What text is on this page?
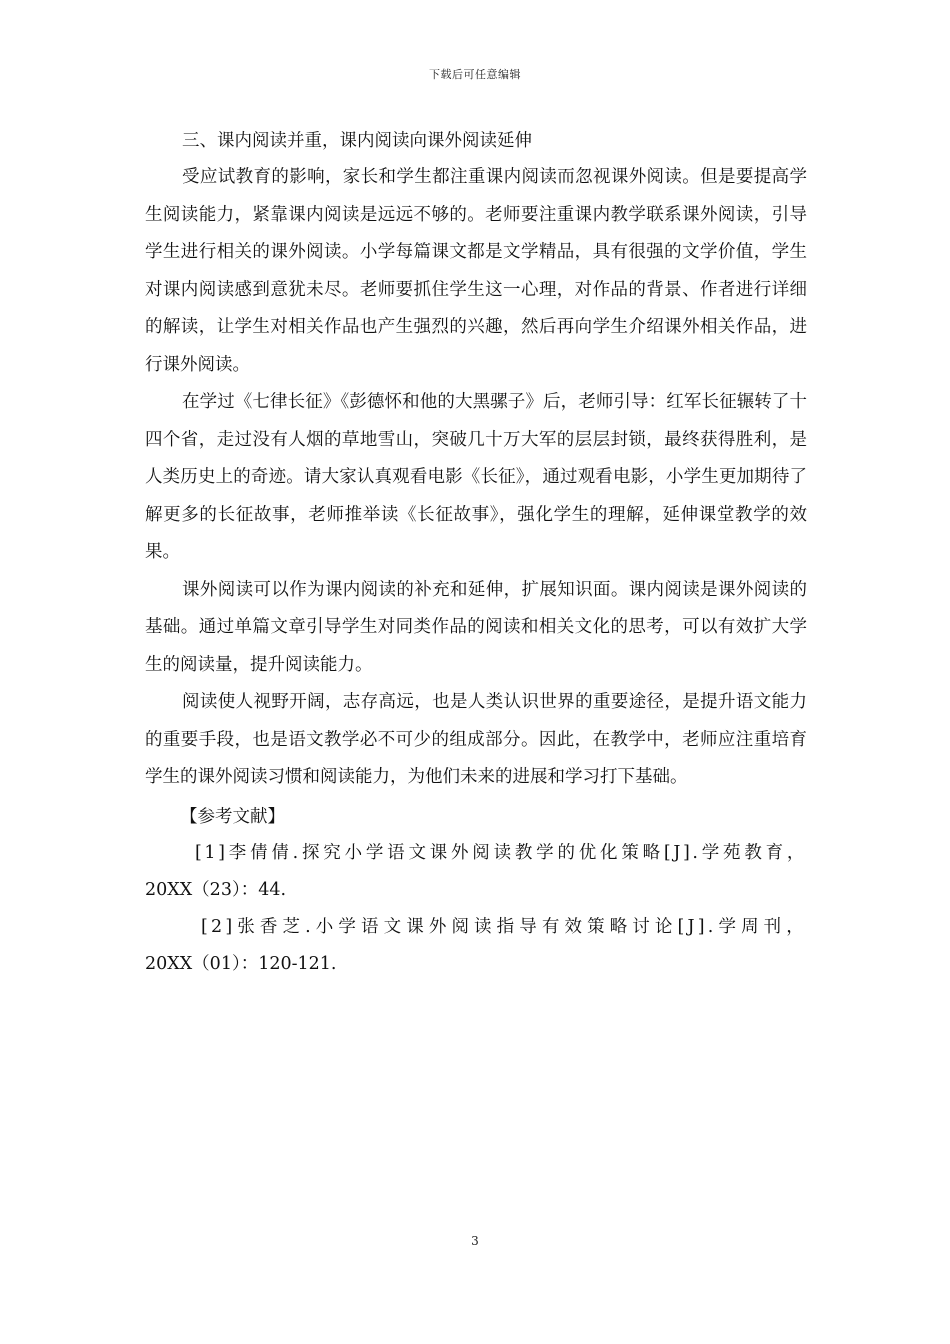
下载后可任意编辑
三、课内阅读并重，课内阅读向课外阅读延伸

受应试教育的影响，家长和学生都注重课内阅读而忽视课外阅读。但是要提高学生阅读能力，紧靠课内阅读是远远不够的。老师要注重课内教学联系课外阅读，引导学生进行相关的课外阅读。小学每篇课文都是文学精品，具有很强的文学价值，学生对课内阅读感到意犹未尽。老师要抓住学生这一心理，对作品的背景、作者进行详细的解读，让学生对相关作品也产生强烈的兴趣，然后再向学生介绍课外相关作品，进行课外阅读。

在学过《七律长征》《彭德怀和他的大黑骡子》后，老师引导：红军长征辗转了十四个省，走过没有人烟的草地雪山，突破几十万大军的层层封锁，最终获得胜利，是人类历史上的奇迹。请大家认真观看电影《长征》，通过观看电影，小学生更加期待了解更多的长征故事，老师推举读《长征故事》，强化学生的理解，延伸课堂教学的效果。

课外阅读可以作为课内阅读的补充和延伸，扩展知识面。课内阅读是课外阅读的基础。通过单篇文章引导学生对同类作品的阅读和相关文化的思考，可以有效扩大学生的阅读量，提升阅读能力。

阅读使人视野开阔，志存高远，也是人类认识世界的重要途径，是提升语文能力的重要手段，也是语文教学必不可少的组成部分。因此，在教学中，老师应注重培育学生的课外阅读习惯和阅读能力，为他们未来的进展和学习打下基础。

【参考文献】
[1]李倩倩.探究小学语文课外阅读教学的优化策略[J].学苑教育，
20XX（23）：44.
[2]张香芝.小学语文课外阅读指导有效策略讨论[J].学周刊，
20XX（01）：120-121.
3
